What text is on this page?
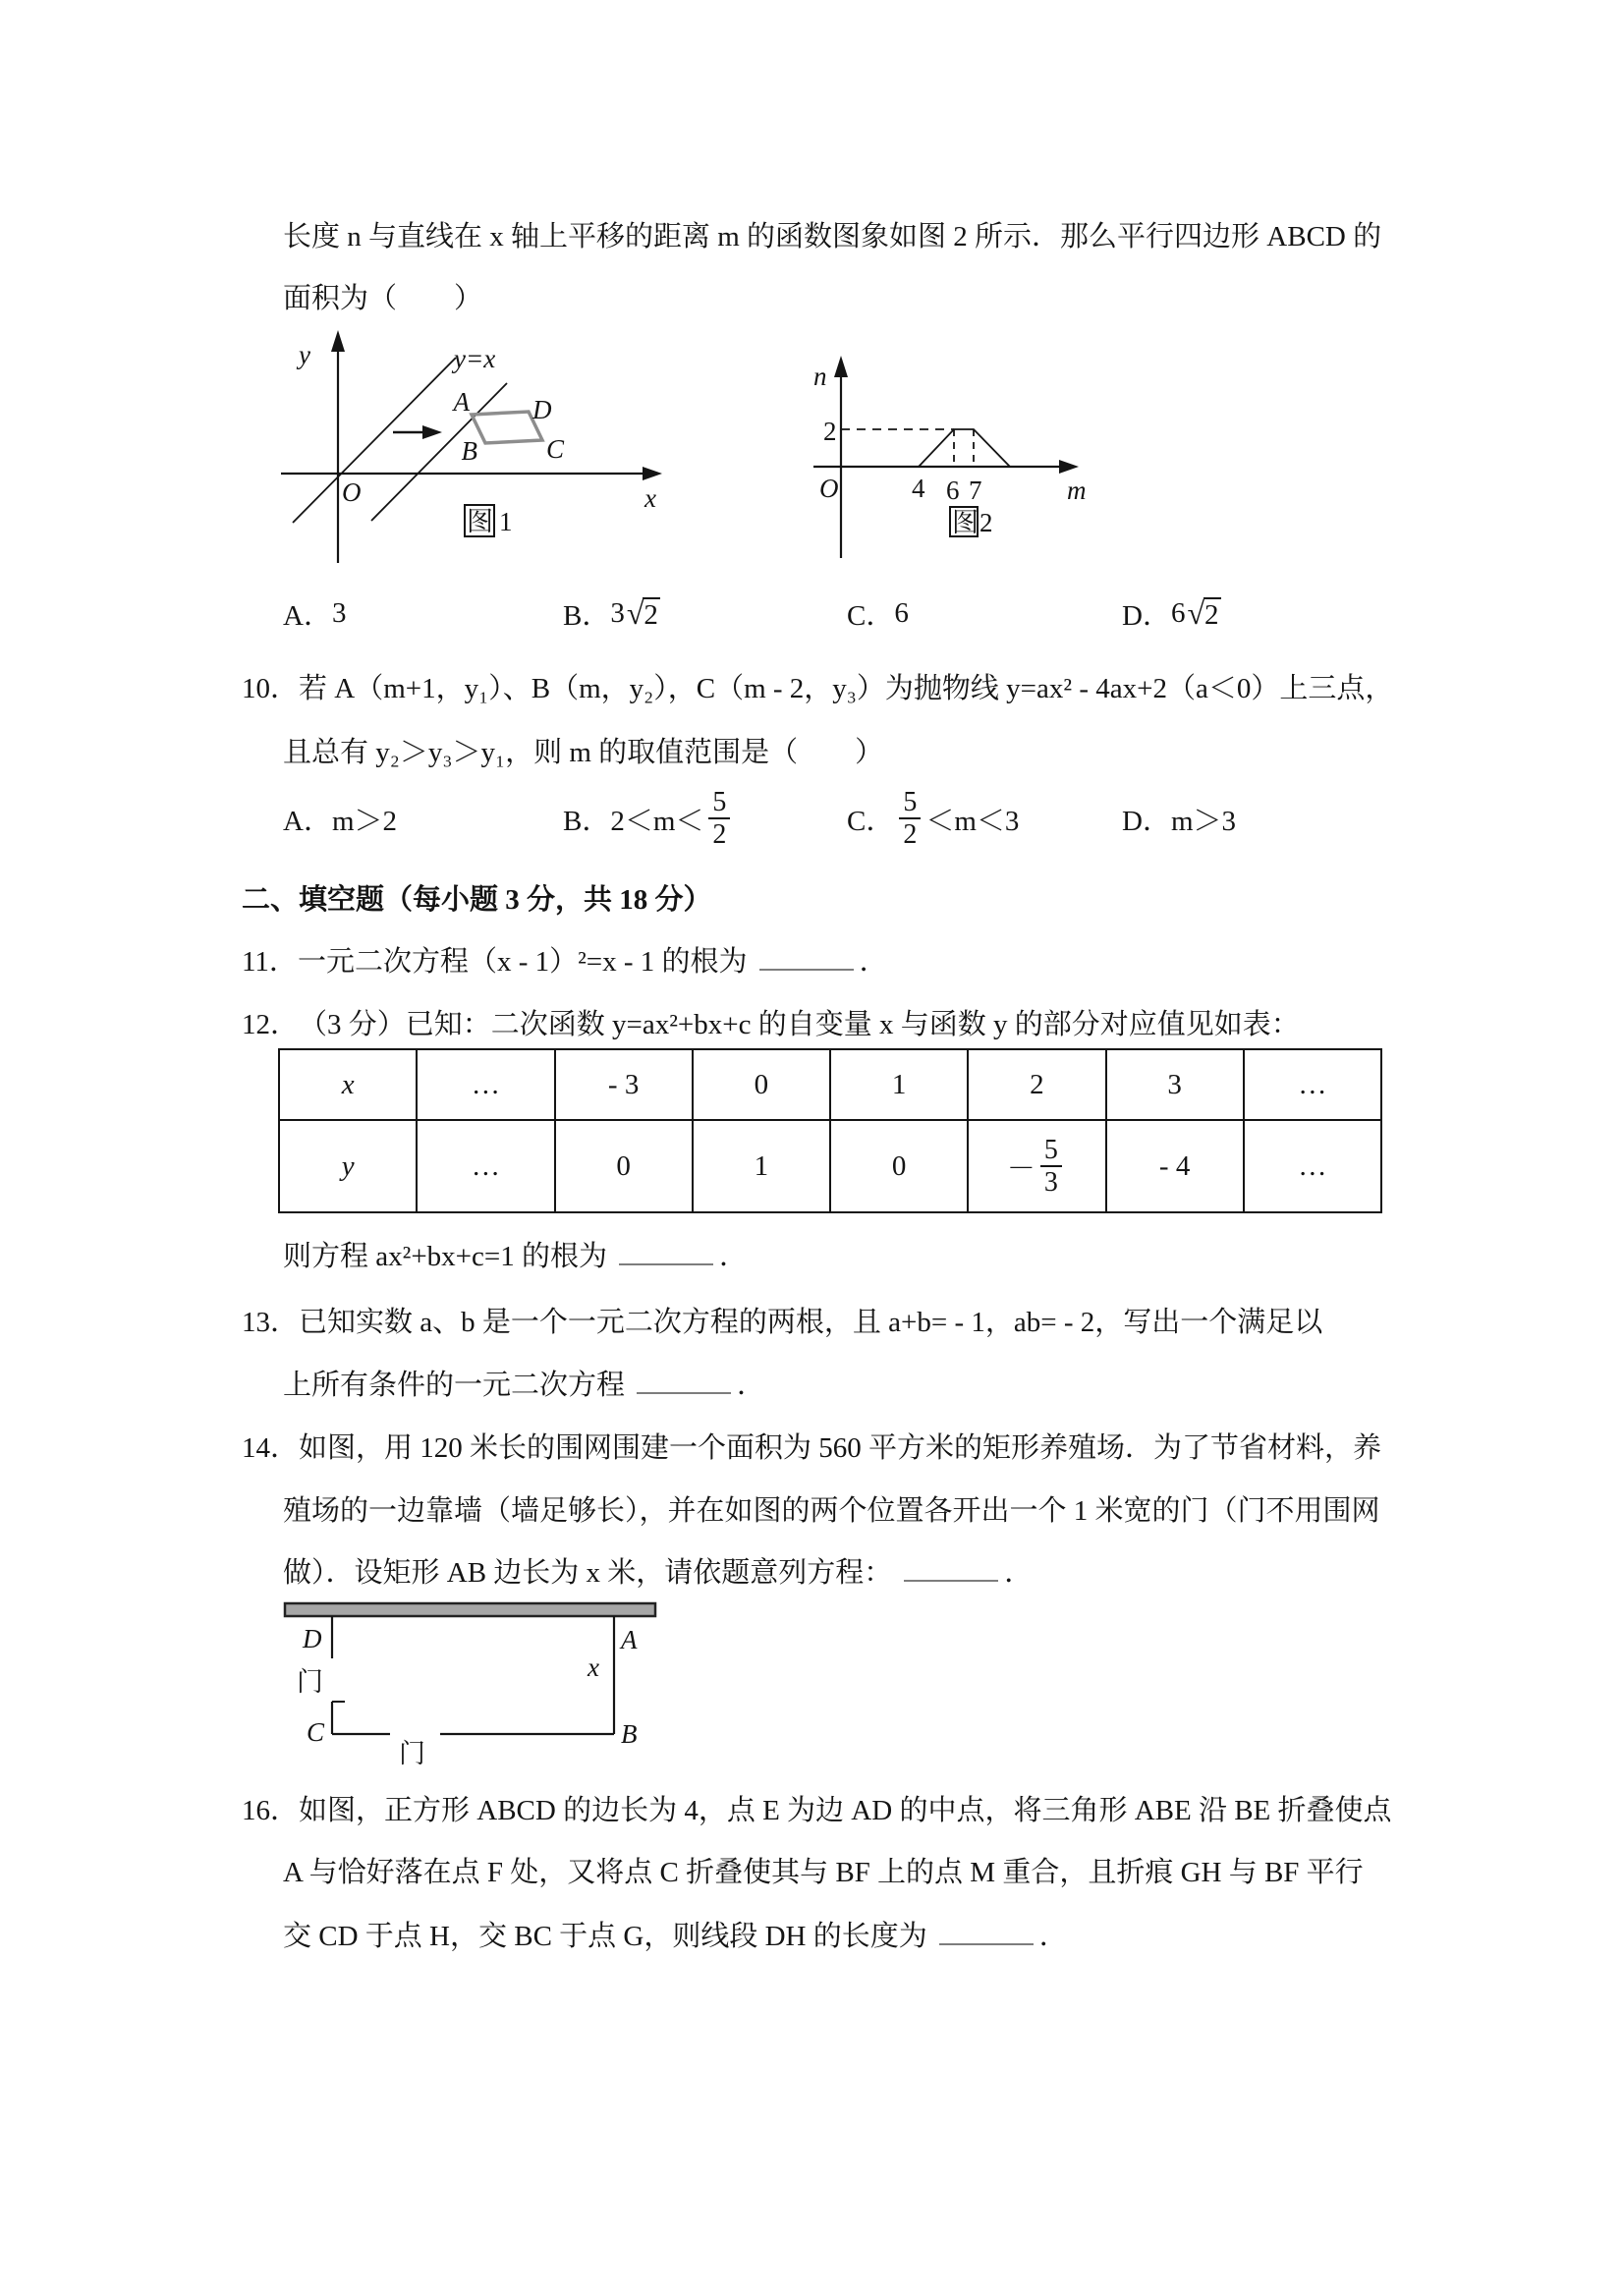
长度 n 与直线在 x 轴上平移的距离 m 的函数图象如图 2 所示．那么平行四边形 ABCD 的
面积为（　　）
y
x
O
y=x
A D
B	C
图 1
n
O	m
2
4 6 7
图 2
A． 3	B． 3 √ 2	C． 6	D． 6 √ 2
10．若 A（m+1，y₁）、B（m，y₂），C（m - 2，y₃）为抛物线 y=ax² - 4ax+2（a＜0）上三点，
且总有 y₂＞y₃＞y₁，则 m 的取值范围是（　　）
A． m＞2	B． $2<m< \frac{5}{2}$	C． $\frac{5}{2} <m<3$	D． m＞3
二、填空题（每小题 3 分，共 18 分）
11．一元二次方程（x - 1）²=x - 1 的根为	．
12．（3 分）已知：二次函数 y=ax²+bx+c 的自变量 x 与函数 y 的部分对应值见如表：
x	…	- 3	0	1	2	3	…
y	…	0	1	0	－ $\frac{5}{3}$	- 4	…
则方程 ax²+bx+c=1 的根为	．
13．已知实数 a、b 是一个一元二次方程的两根，且 a+b= - 1，ab= - 2，写出一个满足以
上所有条件的一元二次方程	．
14．如图，用 120 米长的围网围建一个面积为 560 平方米的矩形养殖场．为了节省材料，养
殖场的一边靠墙（墙足够长），并在如图的两个位置各开出一个 1 米宽的门（门不用围网
做）．设矩形 AB 边长为 x 米，请依题意列方程：	．
D	A
C	B
x
门
门
16．如图，正方形 ABCD 的边长为 4，点 E 为边 AD 的中点，将三角形 ABE 沿 BE 折叠使点
A 与恰好落在点 F 处，又将点 C 折叠使其与 BF 上的点 M 重合，且折痕 GH 与 BF 平行
交 CD 于点 H，交 BC 于点 G，则线段 DH 的长度为	．
